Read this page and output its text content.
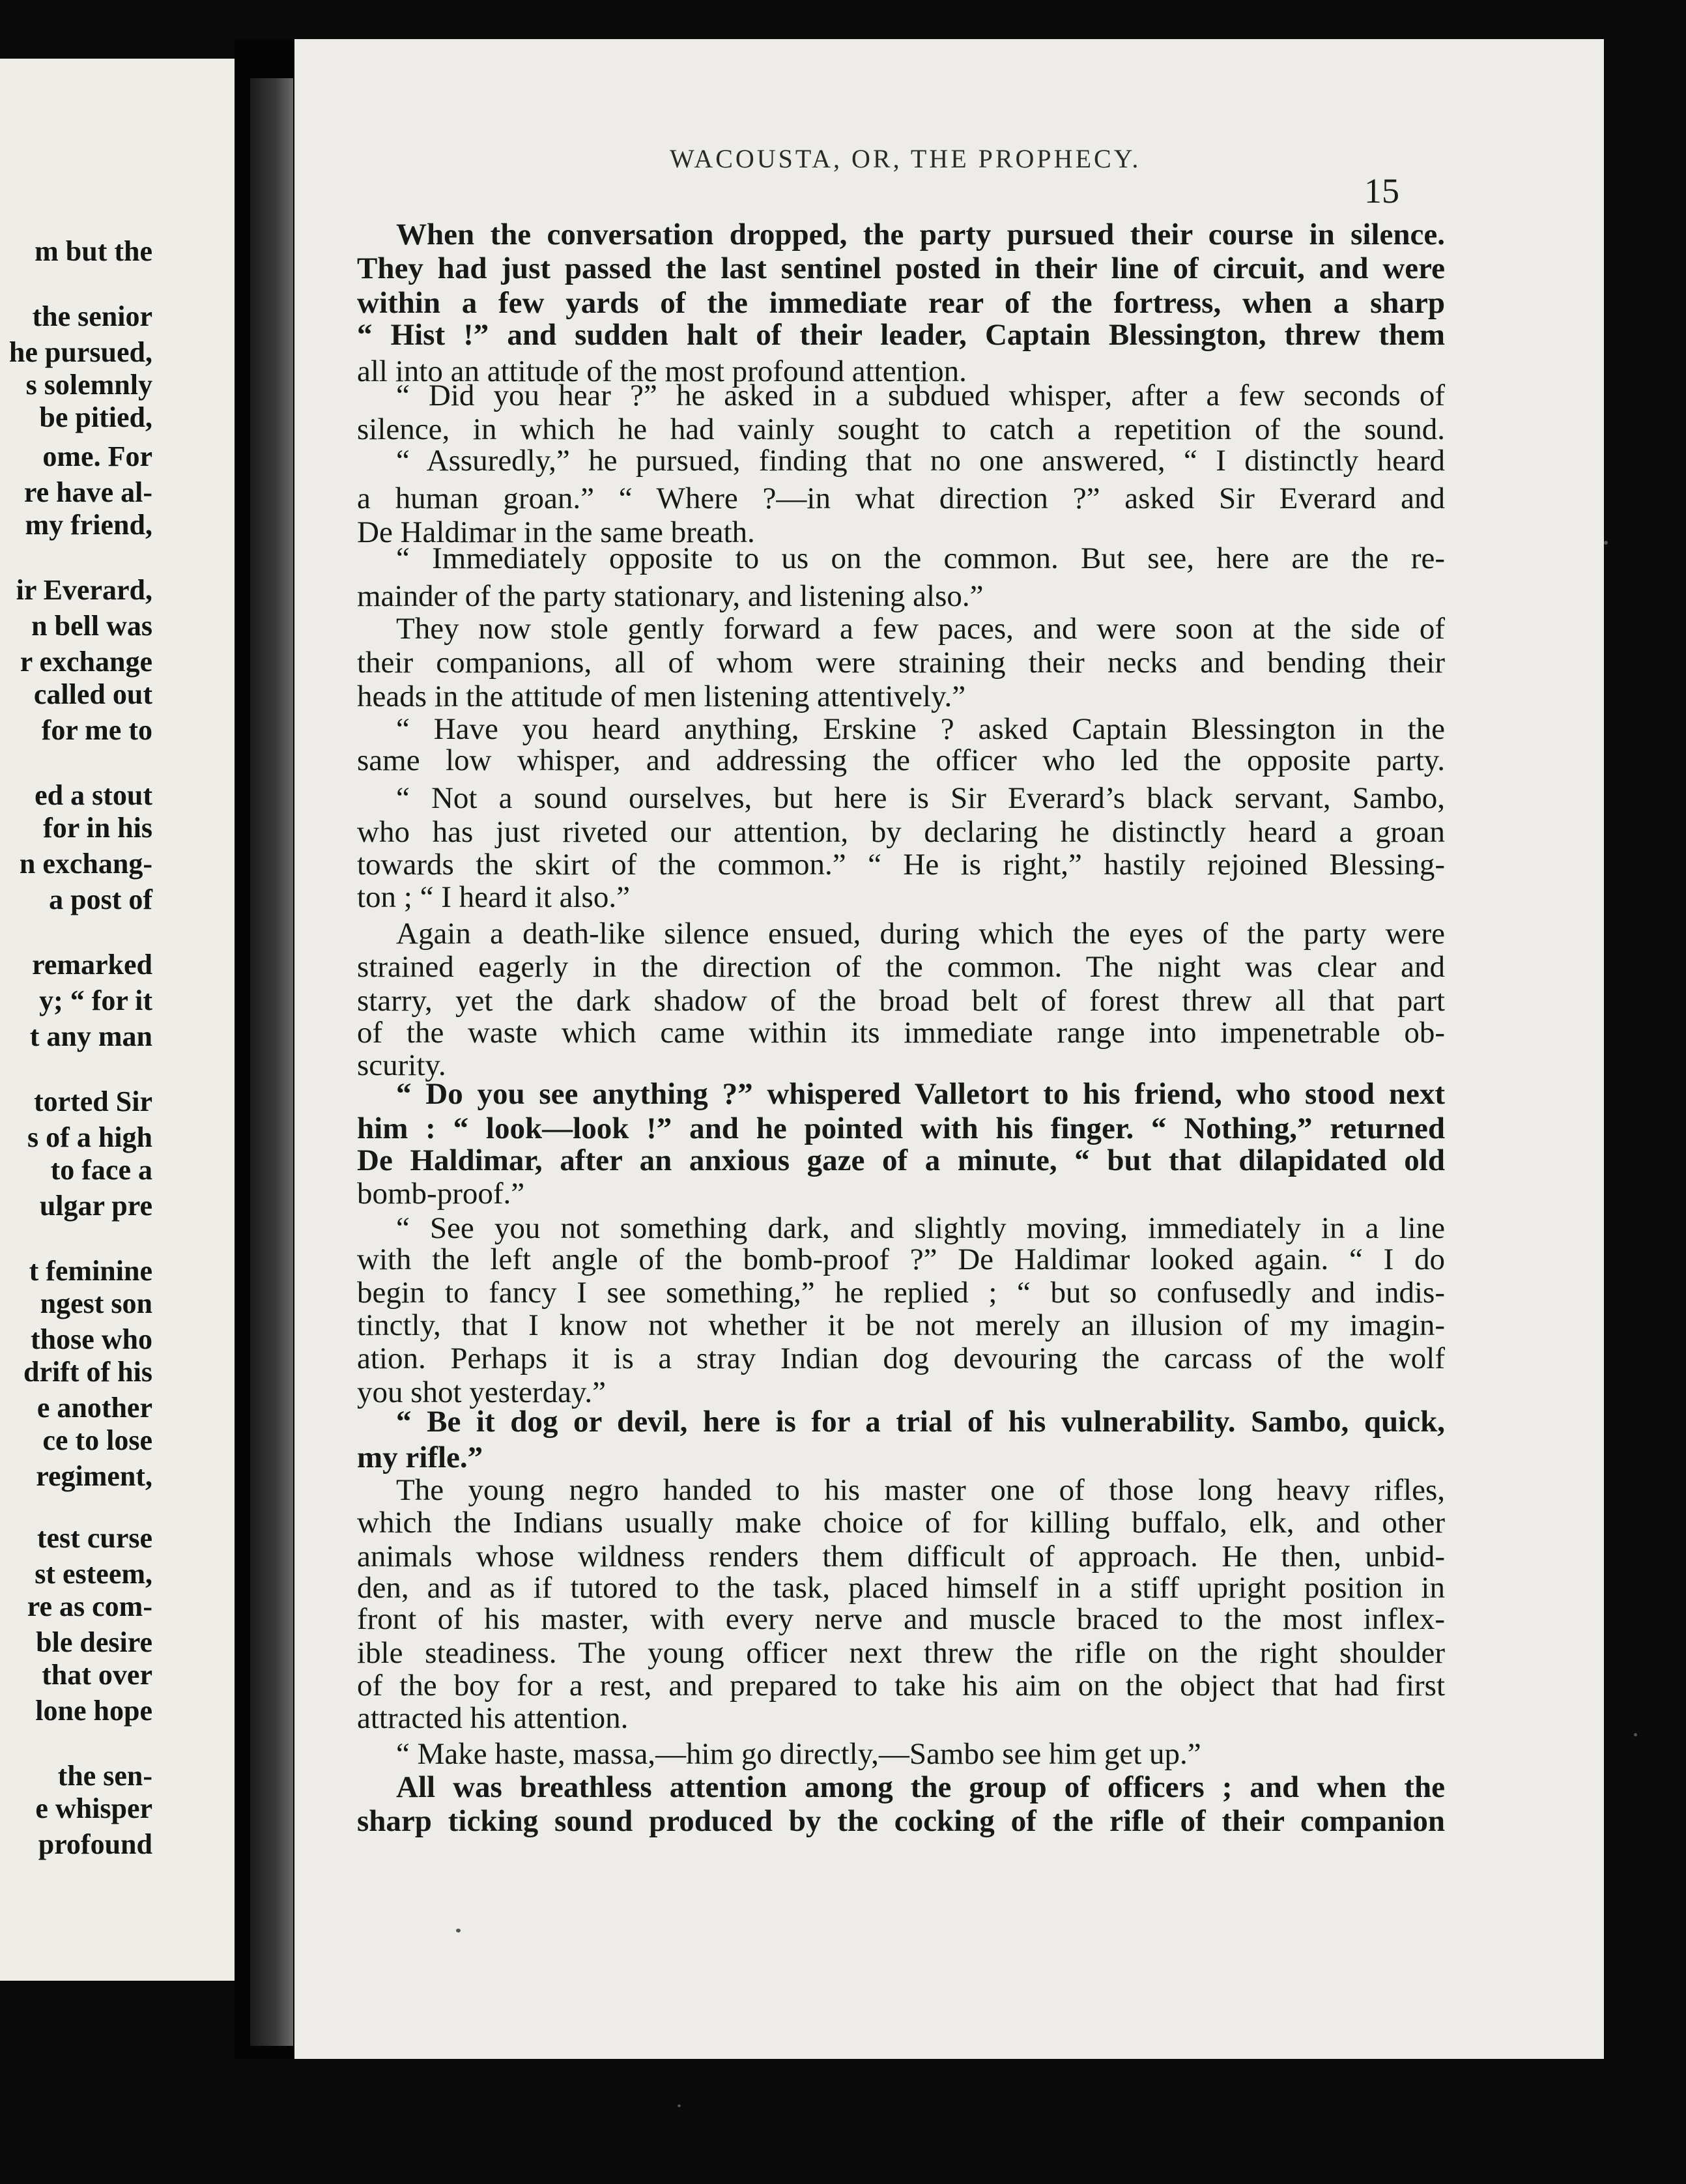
m but the
the senior
he pursued,
s solemnly
be pitied,
ome. For
re have al-
my friend,
ir Everard,
n bell was
r exchange
called out
for me to
ed a stout
for in his
n exchang-
a post of
remarked
y; “ for it
t any man
torted Sir
s of a high
to face a
ulgar pre
t feminine
ngest son
those who
drift of his
e another
ce to lose
regiment,
test curse
st esteem,
re as com-
ble desire
that over
lone hope
the sen-
e whisper
profound
WACOUSTA, OR, THE PROPHECY.
15
When the conversation dropped, the party pursued their course in silence.
They had just passed the last sentinel posted in their line of circuit, and were
within a few yards of the immediate rear of the fortress, when a sharp
“ Hist !” and sudden halt of their leader, Captain Blessington, threw them
all into an attitude of the most profound attention.
“ Did you hear ?” he asked in a subdued whisper, after a few seconds of
silence, in which he had vainly sought to catch a repetition of the sound.
“ Assuredly,” he pursued, finding that no one answered, “ I distinctly heard
a human groan.” “ Where ?—in what direction ?” asked Sir Everard and
De Haldimar in the same breath.
“ Immediately opposite to us on the common. But see, here are the re-
mainder of the party stationary, and listening also.”
They now stole gently forward a few paces, and were soon at the side of
their companions, all of whom were straining their necks and bending their
heads in the attitude of men listening attentively.”
“ Have you heard anything, Erskine ? asked Captain Blessington in the
same low whisper, and addressing the officer who led the opposite party.
“ Not a sound ourselves, but here is Sir Everard’s black servant, Sambo,
who has just riveted our attention, by declaring he distinctly heard a groan
towards the skirt of the common.” “ He is right,” hastily rejoined Blessing-
ton ; “ I heard it also.”
Again a death-like silence ensued, during which the eyes of the party were
strained eagerly in the direction of the common. The night was clear and
starry, yet the dark shadow of the broad belt of forest threw all that part
of the waste which came within its immediate range into impenetrable ob-
scurity.
“ Do you see anything ?” whispered Valletort to his friend, who stood next
him : “ look—look !” and he pointed with his finger. “ Nothing,” returned
De Haldimar, after an anxious gaze of a minute, “ but that dilapidated old
bomb-proof.”
“ See you not something dark, and slightly moving, immediately in a line
with the left angle of the bomb-proof ?” De Haldimar looked again. “ I do
begin to fancy I see something,” he replied ; “ but so confusedly and indis-
tinctly, that I know not whether it be not merely an illusion of my imagin-
ation. Perhaps it is a stray Indian dog devouring the carcass of the wolf
you shot yesterday.”
“ Be it dog or devil, here is for a trial of his vulnerability. Sambo, quick,
my rifle.”
The young negro handed to his master one of those long heavy rifles,
which the Indians usually make choice of for killing buffalo, elk, and other
animals whose wildness renders them difficult of approach. He then, unbid-
den, and as if tutored to the task, placed himself in a stiff upright position in
front of his master, with every nerve and muscle braced to the most inflex-
ible steadiness. The young officer next threw the rifle on the right shoulder
of the boy for a rest, and prepared to take his aim on the object that had first
attracted his attention.
“ Make haste, massa,—him go directly,—Sambo see him get up.”
All was breathless attention among the group of officers ; and when the
sharp ticking sound produced by the cocking of the rifle of their companion
